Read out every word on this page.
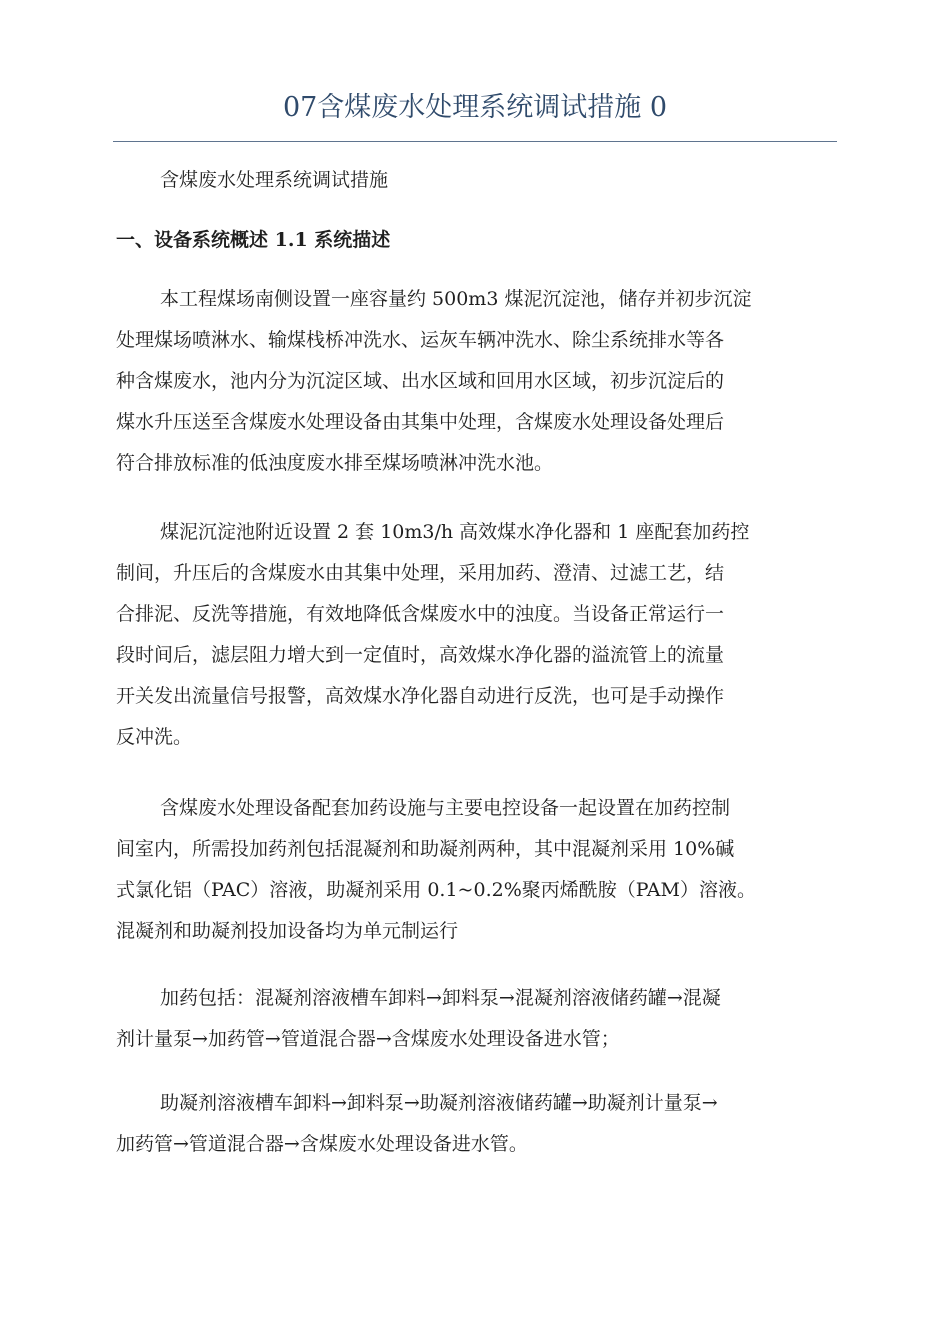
07含煤废水处理系统调试措施 0

含煤废水处理系统调试措施

一、设备系统概述 1.1 系统描述

本工程煤场南侧设置一座容量约 500m3 煤泥沉淀池，储存并初步沉淀
处理煤场喷淋水、输煤栈桥冲洗水、运灰车辆冲洗水、除尘系统排水等各
种含煤废水，池内分为沉淀区域、出水区域和回用水区域，初步沉淀后的
煤水升压送至含煤废水处理设备由其集中处理，含煤废水处理设备处理后
符合排放标准的低浊度废水排至煤场喷淋冲洗水池。

煤泥沉淀池附近设置 2 套 10m3/h 高效煤水净化器和 1 座配套加药控
制间，升压后的含煤废水由其集中处理，采用加药、澄清、过滤工艺，结
合排泥、反洗等措施，有效地降低含煤废水中的浊度。当设备正常运行一
段时间后，滤层阻力增大到一定值时，高效煤水净化器的溢流管上的流量
开关发出流量信号报警，高效煤水净化器自动进行反洗，也可是手动操作
反冲洗。

含煤废水处理设备配套加药设施与主要电控设备一起设置在加药控制
间室内，所需投加药剂包括混凝剂和助凝剂两种，其中混凝剂采用 10%碱
式氯化铝（PAC）溶液，助凝剂采用 0.1~0.2%聚丙烯酰胺（PAM）溶液。
混凝剂和助凝剂投加设备均为单元制运行

加药包括：混凝剂溶液槽车卸料→卸料泵→混凝剂溶液储药罐→混凝
剂计量泵→加药管→管道混合器→含煤废水处理设备进水管；

助凝剂溶液槽车卸料→卸料泵→助凝剂溶液储药罐→助凝剂计量泵→
加药管→管道混合器→含煤废水处理设备进水管。
